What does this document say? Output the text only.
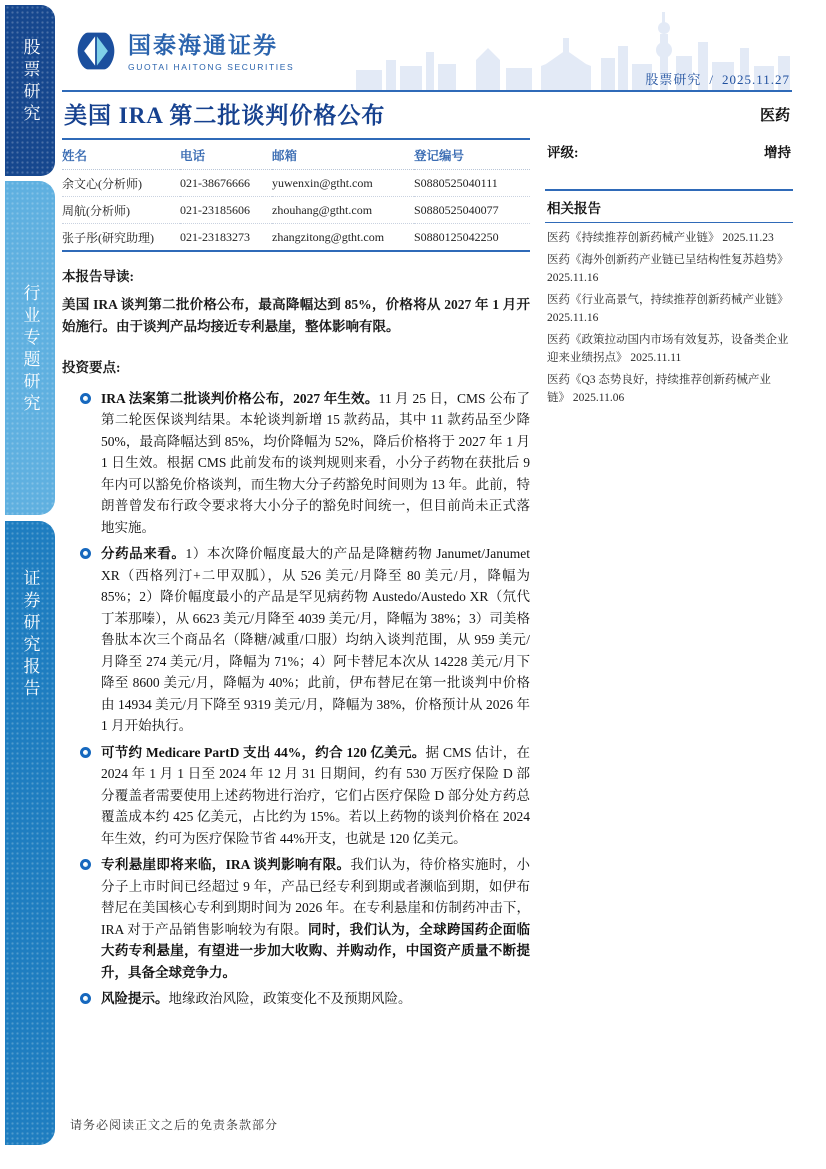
股票研究
行业专题研究
证券研究报告
国泰海通证券
GUOTAI HAITONG SECURITIES
股票研究 / 2025.11.27
美国 IRA 第二批谈判价格公布	医药
姓名	电话	邮箱	登记编号
余文心(分析师)	021-38676666	yuwenxin@gtht.com	S0880525040111
周航(分析师)	021-23185606	zhouhang@gtht.com	S0880525040077
张子彤(研究助理)	021-23183273	zhangzitong@gtht.com	S0880125042250
本报告导读:
美国 IRA 谈判第二批价格公布，最高降幅达到 85%，价格将从 2027 年 1 月开始施行。由于谈判产品均接近专利悬崖，整体影响有限。
投资要点:

IRA 法案第二批谈判价格公布，2027 年生效。11 月 25 日，CMS 公布了第二轮医保谈判结果。本轮谈判新增 15 款药品，其中 11 款药品至少降 50%，最高降幅达到 85%，均价降幅为 52%，降后价格将于 2027 年 1 月 1 日生效。根据 CMS 此前发布的谈判规则来看，小分子药物在获批后 9 年内可以豁免价格谈判，而生物大分子药豁免时间则为 13 年。此前，特朗普曾发布行政令要求将大小分子的豁免时间统一，但目前尚未正式落地实施。

分药品来看。1）本次降价幅度最大的产品是降糖药物 Janumet/Janumet XR（西格列汀+二甲双胍），从 526 美元/月降至 80 美元/月，降幅为 85%；2）降价幅度最小的产品是罕见病药物 Austedo/Austedo XR（氘代丁苯那嗪），从 6623 美元/月降至 4039 美元/月，降幅为 38%；3）司美格鲁肽本次三个商品名（降糖/减重/口服）均纳入谈判范围，从 959 美元/月降至 274 美元/月，降幅为 71%；4）阿卡替尼本次从 14228 美元/月下降至 8600 美元/月，降幅为 40%；此前，伊布替尼在第一批谈判中价格由 14934 美元/月下降至 9319 美元/月，降幅为 38%，价格预计从 2026 年 1 月开始执行。

可节约 Medicare PartD 支出 44%，约合 120 亿美元。据 CMS 估计，在 2024 年 1 月 1 日至 2024 年 12 月 31 日期间，约有 530 万医疗保险 D 部分覆盖者需要使用上述药物进行治疗，它们占医疗保险 D 部分处方药总覆盖成本约 425 亿美元，占比约为 15%。若以上药物的谈判价格在 2024 年生效，约可为医疗保险节省 44%开支，也就是 120 亿美元。

专利悬崖即将来临，IRA 谈判影响有限。我们认为，待价格实施时，小分子上市时间已经超过 9 年，产品已经专利到期或者濒临到期，如伊布替尼在美国核心专利到期时间为 2026 年。在专利悬崖和仿制药冲击下，IRA 对于产品销售影响较为有限。同时，我们认为，全球跨国药企面临大药专利悬崖，有望进一步加大收购、并购动作，中国资产质量不断提升，具备全球竞争力。

风险提示。地缘政治风险，政策变化不及预期风险。

评级:	增持
相关报告
医药《持续推荐创新药械产业链》 2025.11.23
医药《海外创新药产业链已呈结构性复苏趋势》 2025.11.16
医药《行业高景气，持续推荐创新药械产业链》 2025.11.16
医药《政策拉动国内市场有效复苏，设备类企业迎来业绩拐点》 2025.11.11
医药《Q3 态势良好，持续推荐创新药械产业链》 2025.11.06
请务必阅读正文之后的免责条款部分
